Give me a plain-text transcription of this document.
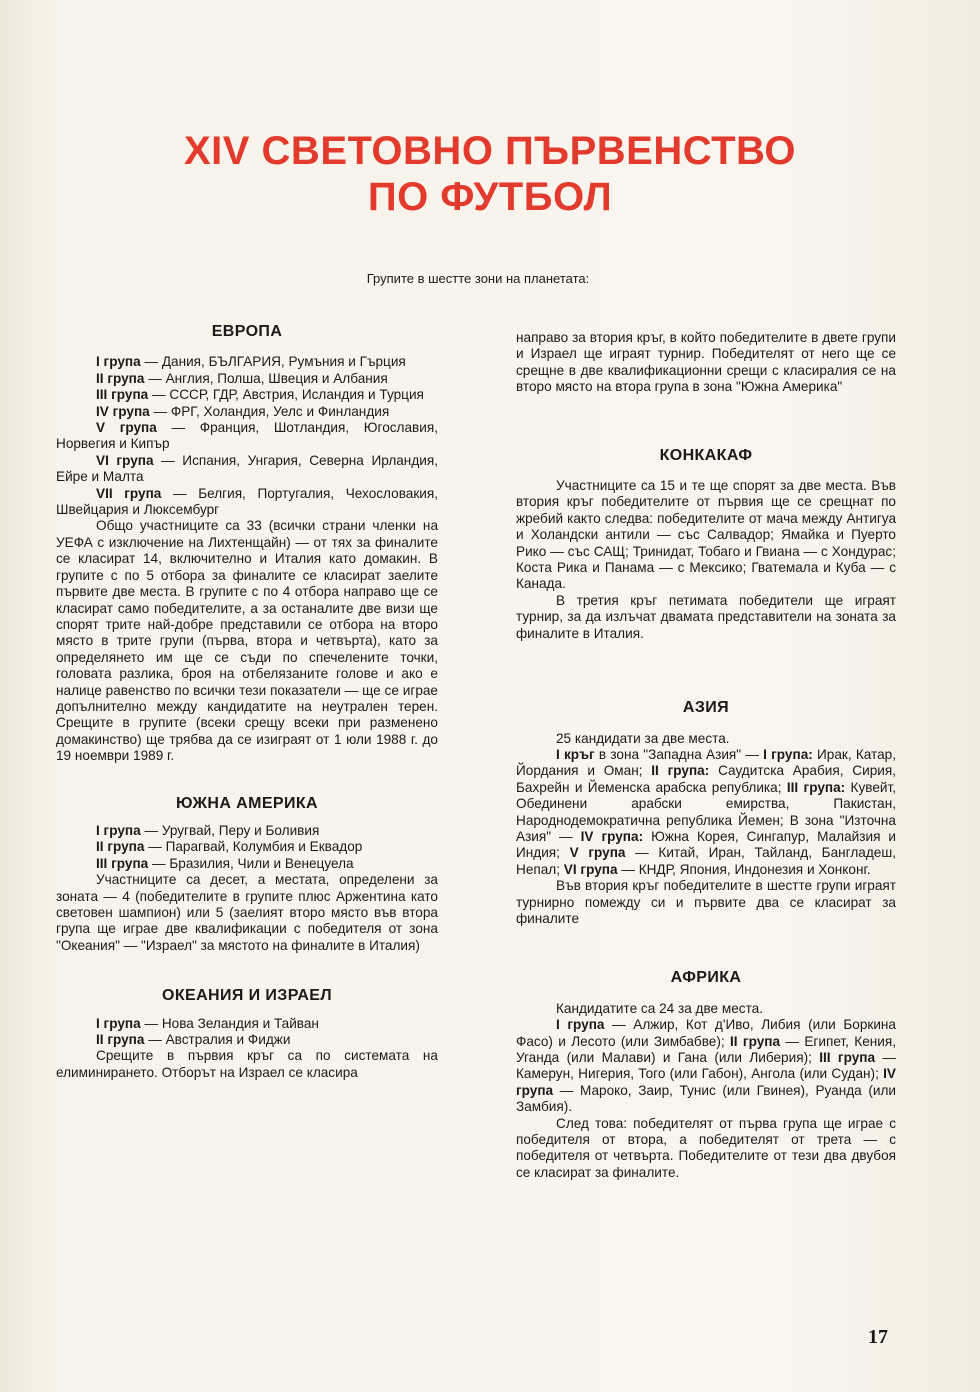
XIV СВЕТОВНО ПЪРВЕНСТВО
ПО ФУТБОЛ
Групите в шестте зони на планетата:
ЕВРОПА

I група — Дания, БЪЛГАРИЯ, Румъния и Гърция

II група — Англия, Полша, Швеция и Албания

III група — СССР, ГДР, Австрия, Исландия и Турция

IV група — ФРГ, Холандия, Уелс и Финландия

V група — Франция, Шотландия, Югославия, Норвегия и Кипър

VI група — Испания, Унгария, Северна Ирландия, Ейре и Малта

VII група — Белгия, Португалия, Чехословакия, Швейцария и Люксембург

Общо участниците са 33 (всички страни членки на УЕФА с изключение на Лихтенщайн) — от тях за финалите се класират 14, включително и Италия като домакин. В групите с по 5 отбора за финалите се класират заелите първите две места. В групите с по 4 отбора направо ще се класират само победителите, а за останалите две визи ще спорят трите най-добре представили се отбора на второ място в трите групи (първа, втора и четвърта), като за определянето им ще се съди по спечелените точки, головата разлика, броя на отбелязаните голове и ако е налице равенство по всички тези показатели — ще се играе допълнително между кандидатите на неутрален терен. Срещите в групите (всеки срещу всеки при разменено домакинство) ще трябва да се изиграят от 1 юли 1988 г. до 19 ноември 1989 г.

ЮЖНА АМЕРИКА

I група — Уругвай, Перу и Боливия

II група — Парагвай, Колумбия и Еквадор

III група — Бразилия, Чили и Венецуела

Участниците са десет, а местата, определени за зоната — 4 (победителите в групите плюс Аржентина като световен шампион) или 5 (заелият второ място във втора група ще играе две квалификации с победителя от зона "Океания" — "Израел" за мястото на финалите в Италия)

ОКЕАНИЯ И ИЗРАЕЛ

I група — Нова Зеландия и Тайван

II група — Австралия и Фиджи

Срещите в първия кръг са по системата на елиминирането. Отборът на Израел се класира

направо за втория кръг, в който победителите в двете групи и Израел ще играят турнир. Победителят от него ще се срещне в две квалификационни срещи с класиралия се на второ място на втора група в зона "Южна Америка"

КОНКАКАФ

Участниците са 15 и те ще спорят за две места. Във втория кръг победителите от първия ще се срещнат по жребий както следва: победителите от мача между Антигуа и Холандски антили — със Салвадор; Ямайка и Пуерто Рико — със САЩ; Тринидат, Тобаго и Гвиана — с Хондурас; Коста Рика и Панама — с Мексико; Гватемала и Куба — с Канада.

В третия кръг петимата победители ще играят турнир, за да излъчат двамата представители на зоната за финалите в Италия.

АЗИЯ

25 кандидати за две места.

I кръг в зона "Западна Азия" — I група: Ирак, Катар, Йордания и Оман; II група: Саудитска Арабия, Сирия, Бахрейн и Йеменска арабска република; III група: Кувейт, Обединени арабски емирства, Пакистан, Народнодемократична република Йемен; В зона "Източна Азия" — IV група: Южна Корея, Сингапур, Малайзия и Индия; V група — Китай, Иран, Тайланд, Бангладеш, Непал; VI група — КНДР, Япония, Индонезия и Хонконг.

Във втория кръг победителите в шестте групи играят турнирно помежду си и първите два се класират за финалите

АФРИКА

Кандидатите са 24 за две места.

I група — Алжир, Кот д'Иво, Либия (или Боркина Фасо) и Лесото (или Зимбабве); II група — Египет, Кения, Уганда (или Малави) и Гана (или Либерия); III група — Камерун, Нигерия, Того (или Габон), Ангола (или Судан); IV група — Мароко, Заир, Тунис (или Гвинея), Руанда (или Замбия).

След това: победителят от първа група ще играе с победителя от втора, а победителят от трета — с победителя от четвърта. Победителите от тези два двубоя се класират за финалите.

17
